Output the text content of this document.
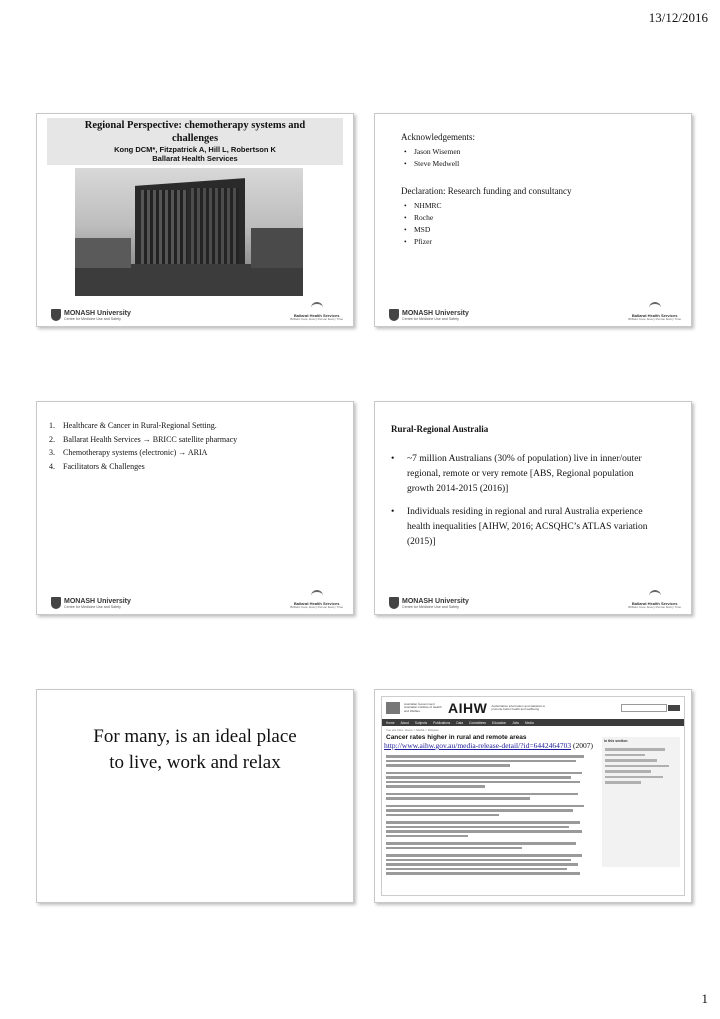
13/12/2016
Regional Perspective: chemotherapy systems and
challenges
Kong DCM*, Fitzpatrick A, Hill L, Robertson K
Ballarat Health Services
MONASH University
Centre for Medicine Use and Safety
Ballarat Health Services
Brilliant Care, Every Person Every Time
Acknowledgements:
• Jason Wisemen
• Steve Medwell
Declaration: Research funding and consultancy
• NHMRC
• Roche
• MSD
• Pfizer
MONASH University
Centre for Medicine Use and Safety
Ballarat Health Services
Brilliant Care, Every Person Every Time
1. Healthcare & Cancer in Rural-Regional Setting.
2. Ballarat Health Services → BRICC satellite pharmacy
3. Chemotherapy systems (electronic) → ARIA
4. Facilitators & Challenges
MONASH University
Centre for Medicine Use and Safety
Ballarat Health Services
Brilliant Care, Every Person Every Time
Rural-Regional Australia
• ~7 million Australians (30% of population) live in inner/outer regional, remote or very remote [ABS, Regional population growth 2014-2015 (2016)]
• Individuals residing in regional and rural Australia experience health inequalities [AIHW, 2016; ACSQHC’s ATLAS variation (2015)]
MONASH University
Centre for Medicine Use and Safety
Ballarat Health Services
Brilliant Care, Every Person Every Time
For many, is an ideal place
to live, work and relax
Australian Government Australian Institute of Health and Welfare	AIHW Authoritative information and statistics to promote better health and wellbeing
Home About Subjects Publications Data Committees Education Jobs Media
You are here: Home > Media > Release
Cancer rates higher in rural and remote areas
http://www.aihw.gov.au/media-release-detail/?id=6442464703 (2007)	In this section
1
